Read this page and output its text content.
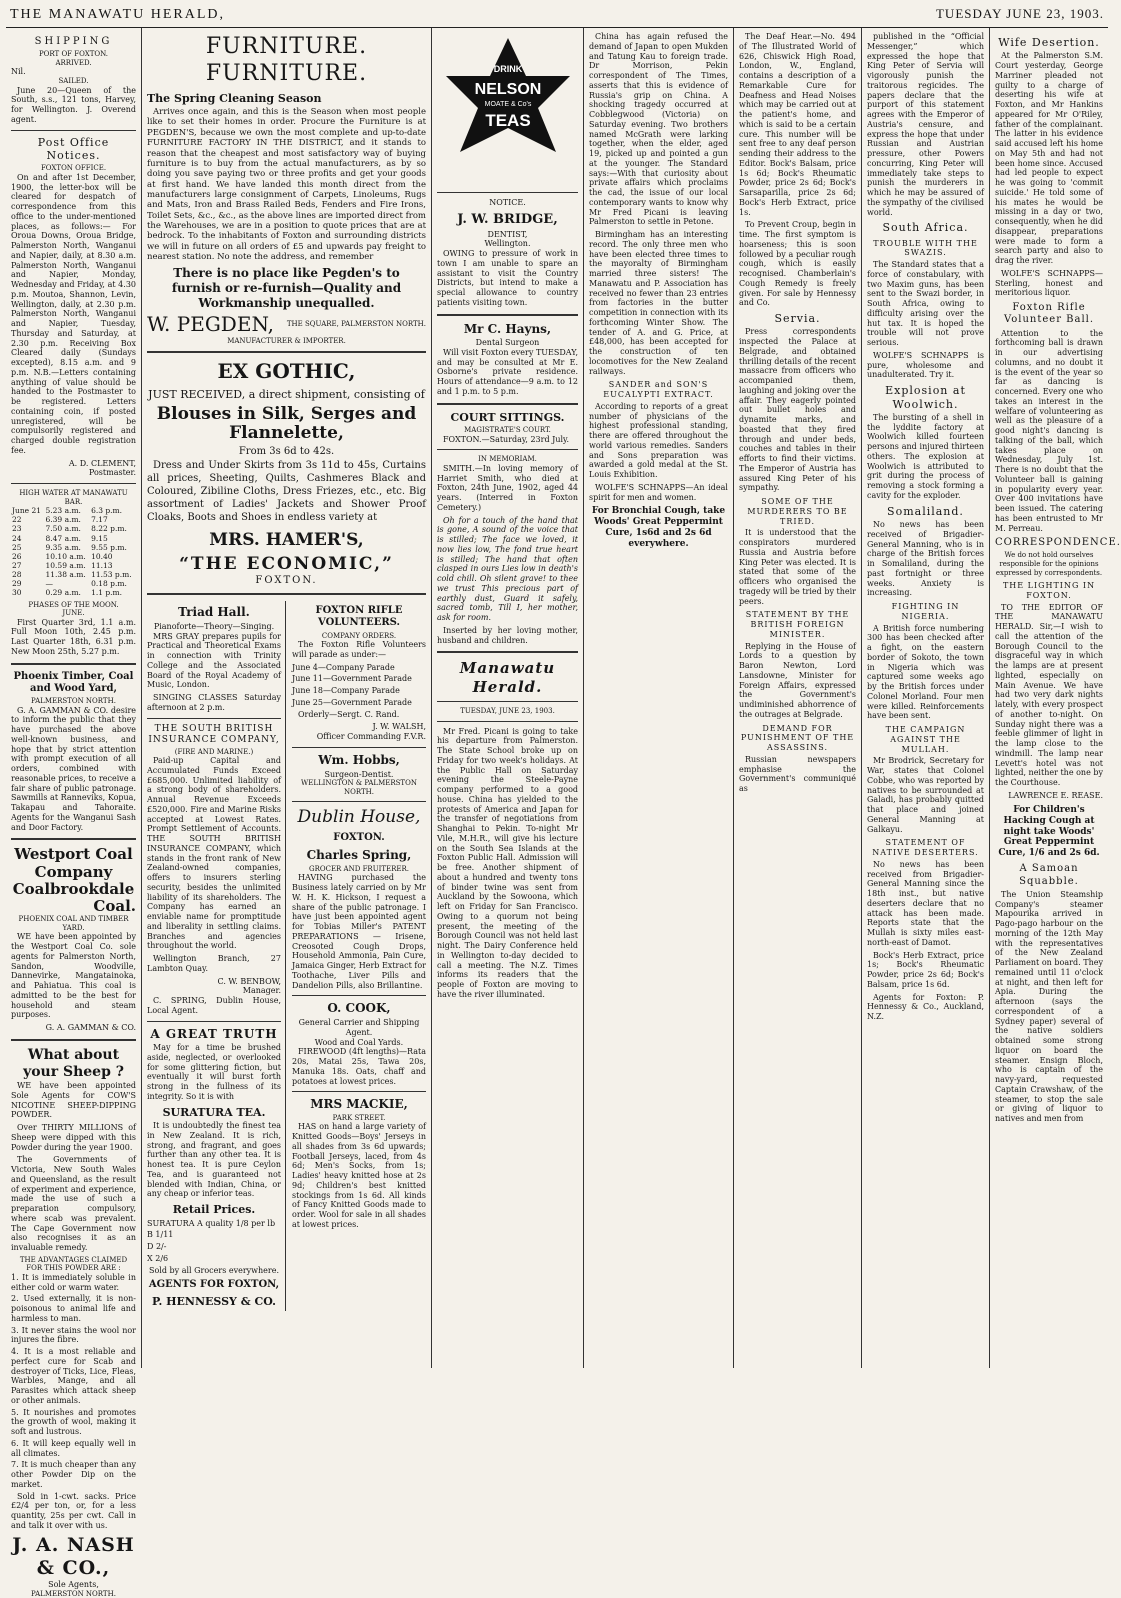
THE MANAWATU HERALD,	TUESDAY JUNE 23, 1903.
SHIPPING
PORT OF FOXTON.
ARRIVED.
Nil.
SAILED.

June 20—Queen of the South, s.s., 121 tons, Harvey, for Wellington. J. Overend agent.

Post Office Notices.
FOXTON OFFICE.

On and after 1st December, 1900, the letter-box will be cleared for despatch of correspondence from this office to the under-mentioned places, as follows:— For Oroua Downs, Oroua Bridge, Palmerston North, Wanganui and Napier, daily, at 8.30 a.m. Palmerston North, Wanganui and Napier, Monday, Wednesday and Friday, at 4.30 p.m. Moutoa, Shannon, Levin, Wellington, daily, at 2.30 p.m. Palmerston North, Wanganui and Napier, Tuesday, Thursday and Saturday, at 2.30 p.m. Receiving Box Cleared daily (Sundays excepted), 8.15 a.m. and 9 p.m. N.B.—Letters containing anything of value should be handed to the Postmaster to be registered. Letters containing coin, if posted unregistered, will be compulsorily registered and charged double registration fee.

A. D. CLEMENT,
Postmaster.
HIGH WATER AT MANAWATU BAR.
June 21	5.23 a.m.	6.3 p.m.
22	6.39 a.m.	7.17
23	7.50 a.m.	8.22 p.m.
24	8.47 a.m.	9.15
25	9.35 a.m.	9.55 p.m.
26	10.10 a.m.	10.40
27	10.59 a.m.	11.13
28	11.38 a.m.	11.53 p.m.
29	—	0.18 p.m.
30	0.29 a.m.	1.1 p.m.
PHASES OF THE MOON.
JUNE.

First Quarter 3rd, 1.1 a.m. Full Moon 10th, 2.45 p.m. Last Quarter 18th, 6.31 p.m. New Moon 25th, 5.27 p.m.

Phoenix Timber, Coal and Wood Yard,
PALMERSTON NORTH.

G. A. GAMMAN & CO. desire to inform the public that they have purchased the above well-known business, and hope that by strict attention with prompt execution of all orders, combined with reasonable prices, to receive a fair share of public patronage. Sawmills at Ranneviks, Kopua, Takapau and Tahoraite. Agents for the Wanganui Sash and Door Factory.

Westport Coal Company
Coalbrookdale
Coal.
PHOENIX COAL AND TIMBER YARD.

WE have been appointed by the Westport Coal Co. sole agents for Palmerston North, Sandon, Woodville, Dannevirke, Mangatainoka, and Pahiatua. This coal is admitted to be the best for household and steam purposes.

G. A. GAMMAN & CO.
What about your Sheep ?

WE have been appointed Sole Agents for COW'S NICOTINE SHEEP-DIPPING POWDER.

Over THIRTY MILLIONS of Sheep were dipped with this Powder during the year 1900.

The Governments of Victoria, New South Wales and Queensland, as the result of experiment and experience, made the use of such a preparation compulsory, where scab was prevalent. The Cape Government now also recognises it as an invaluable remedy.

THE ADVANTAGES CLAIMED FOR THIS POWDER ARE :
1. It is immediately soluble in either cold or warm water.
2. Used externally, it is non-poisonous to animal life and harmless to man.
3. It never stains the wool nor injures the fibre.
4. It is a most reliable and perfect cure for Scab and destroyer of Ticks, Lice, Fleas, Warbles, Mange, and all Parasites which attack sheep or other animals.
5. It nourishes and promotes the growth of wool, making it soft and lustrous.
6. It will keep equally well in all climates.
7. It is much cheaper than any other Powder Dip on the market.

Sold in 1-cwt. sacks. Price £2/4 per ton, or, for a less quantity, 25s per cwt. Call in and talk it over with us.

J. A. NASH & CO.,
Sole Agents,
PALMERSTON NORTH.
FURNITURE. FURNITURE.
The Spring Cleaning Season

Arrives once again, and this is the Season when most people like to set their homes in order. Procure the Furniture is at PEGDEN'S, because we own the most complete and up-to-date FURNITURE FACTORY IN THE DISTRICT, and it stands to reason that the cheapest and most satisfactory way of buying furniture is to buy from the actual manufacturers, as by so doing you save paying two or three profits and get your goods at first hand. We have landed this month direct from the manufacturers large consignment of Carpets, Linoleums, Rugs and Mats, Iron and Brass Railed Beds, Fenders and Fire Irons, Toilet Sets, &c., &c., as the above lines are imported direct from the Warehouses, we are in a position to quote prices that are at bedrock. To the inhabitants of Foxton and surrounding districts we will in future on all orders of £5 and upwards pay freight to nearest station. No note the address, and remember

There is no place like Pegden's to furnish or re-furnish—Quality and Workmanship unequalled.
W. PEGDEN, THE SQUARE, PALMERSTON NORTH.
MANUFACTURER & IMPORTER.
EX GOTHIC,
JUST RECEIVED, a direct shipment, consisting of
Blouses in Silk, Serges and Flannelette,
From 3s 6d to 42s.

Dress and Under Skirts from 3s 11d to 45s, Curtains all prices, Sheeting, Quilts, Cashmeres Black and Coloured, Zibiline Cloths, Dress Friezes, etc., etc. Big assortment of Ladies' Jackets and Shower Proof Cloaks, Boots and Shoes in endless variety at

MRS. HAMER'S,
“THE ECONOMIC,”
FOXTON.
Triad Hall.
Pianoforte—Theory—Singing.

MRS GRAY prepares pupils for Practical and Theoretical Exams in connection with Trinity College and the Associated Board of the Royal Academy of Music, London.

SINGING CLASSES Saturday afternoon at 2 p.m.

THE SOUTH BRITISH INSURANCE COMPANY,
(FIRE AND MARINE.)

Paid-up Capital and Accumulated Funds Exceed £685,000. Unlimited liability of a strong body of shareholders. Annual Revenue Exceeds £520,000. Fire and Marine Risks accepted at Lowest Rates. Prompt Settlement of Accounts. THE SOUTH BRITISH INSURANCE COMPANY, which stands in the front rank of New Zealand-owned companies, offers to insurers sterling security, besides the unlimited liability of its shareholders. The Company has earned an enviable name for promptitude and liberality in settling claims. Branches and agencies throughout the world.

Wellington Branch, 27 Lambton Quay.

C. W. BENBOW,
Manager.

C. SPRING, Dublin House, Local Agent.

A GREAT TRUTH

May for a time be brushed aside, neglected, or overlooked for some glittering fiction, but eventually it will burst forth strong in the fullness of its integrity. So it is with

SURATURA TEA.

It is undoubtedly the finest tea in New Zealand. It is rich, strong, and fragrant, and goes further than any other tea. It is honest tea. It is pure Ceylon Tea, and is guaranteed not blended with Indian, China, or any cheap or inferior teas.

Retail Prices.
SURATURA A quality 1/8 per lb
B 1/11
D 2/-
X 2/6
Sold by all Grocers everywhere.
AGENTS FOR FOXTON,
P. HENNESSY & CO.
FOXTON RIFLE VOLUNTEERS.
COMPANY ORDERS.

The Foxton Rifle Volunteers will parade as under:—

June 4—Company Parade
June 11—Government Parade
June 18—Company Parade
June 25—Government Parade

Orderly—Sergt. C. Rand.

J. W. WALSH,
Officer Commanding F.V.R.
Wm. Hobbs,
Surgeon-Dentist.
WELLINGTON & PALMERSTON NORTH.
Dublin House,
FOXTON.
Charles Spring,
GROCER AND FRUITERER.

HAVING purchased the Business lately carried on by Mr W. H. K. Hickson, I request a share of the public patronage. I have just been appointed agent for Tobias Miller's PATENT PREPARATIONS — Irisene, Creosoted Cough Drops, Household Ammonia, Pain Cure, Jamaica Ginger, Herb Extract for Toothache, Liver Pills and Dandelion Pills, also Brillantine.

O. COOK,
General Carrier and Shipping Agent.
Wood and Coal Yards.

FIREWOOD (4ft lengths)—Rata 20s, Matai 25s, Tawa 20s, Manuka 18s. Oats, chaff and potatoes at lowest prices.

MRS MACKIE,
PARK STREET.

HAS on hand a large variety of Knitted Goods—Boys' Jerseys in all shades from 3s 6d upwards; Football Jerseys, laced, from 4s 6d; Men's Socks, from 1s; Ladies' heavy knitted hose at 2s 9d; Children's best knitted stockings from 1s 6d. All kinds of Fancy Knitted Goods made to order. Wool for sale in all shades at lowest prices.

DRINK
NELSON
MOATE & Co's
TEAS
NOTICE.
J. W. BRIDGE,
DENTIST,
Wellington.

OWING to pressure of work in town I am unable to spare an assistant to visit the Country Districts, but intend to make a special allowance to country patients visiting town.

Mr C. Hayns,
Dental Surgeon

Will visit Foxton every TUESDAY, and may be consulted at Mr E. Osborne's private residence. Hours of attendance—9 a.m. to 12 and 1 p.m. to 5 p.m.

COURT SITTINGS.
MAGISTRATE'S COURT.

FOXTON.—Saturday, 23rd July.

IN MEMORIAM.

SMITH.—In loving memory of Harriet Smith, who died at Foxton, 24th June, 1902, aged 44 years. (Interred in Foxton Cemetery.)

Oh for a touch of the hand that is gone, A sound of the voice that is stilled; The face we loved, it now lies low, The fond true heart is stilled; The hand that often clasped in ours Lies low in death's cold chill. Oh silent grave! to thee we trust This precious part of earthly dust, Guard it safely, sacred tomb, Till I, her mother, ask for room.

Inserted by her loving mother, husband and children.

Manawatu Herald.
TUESDAY, JUNE 23, 1903.

Mr Fred. Picani is going to take his departure from Palmerston. The State School broke up on Friday for two week's holidays. At the Public Hall on Saturday evening the Steele-Payne company performed to a good house. China has yielded to the protests of America and Japan for the transfer of negotiations from Shanghai to Pekin. To-night Mr Vile, M.H.R., will give his lecture on the South Sea Islands at the Foxton Public Hall. Admission will be free. Another shipment of about a hundred and twenty tons of binder twine was sent from Auckland by the Sowoona, which left on Friday for San Francisco. Owing to a quorum not being present, the meeting of the Borough Council was not held last night. The Dairy Conference held in Wellington to-day decided to call a meeting. The N.Z. Times informs its readers that the people of Foxton are moving to have the river illuminated.

China has again refused the demand of Japan to open Mukden and Tatung Kau to foreign trade. Dr Morrison, Pekin correspondent of The Times, asserts that this is evidence of Russia's grip on China. A shocking tragedy occurred at Cobblegwood (Victoria) on Saturday evening. Two brothers named McGrath were larking together, when the elder, aged 19, picked up and pointed a gun at the younger. The Standard says:—With that curiosity about private affairs which proclaims the cad, the issue of our local contemporary wants to know why Mr Fred Picani is leaving Palmerston to settle in Petone.

Birmingham has an interesting record. The only three men who have been elected three times to the mayoralty of Birmingham married three sisters! The Manawatu and P. Association has received no fewer than 23 entries from factories in the butter competition in connection with its forthcoming Winter Show. The tender of A. and G. Price, at £48,000, has been accepted for the construction of ten locomotives for the New Zealand railways.

SANDER and SON'S EUCALYPTI EXTRACT.

According to reports of a great number of physicians of the highest professional standing, there are offered throughout the world various remedies. Sanders and Sons preparation was awarded a gold medal at the St. Louis Exhibition.

WOLFE'S SCHNAPPS—An ideal spirit for men and women.

For Bronchial Cough, take Woods' Great Peppermint Cure, 1s6d and 2s 6d everywhere.

The Deaf Hear.—No. 494 of The Illustrated World of 626, Chiswick High Road, London, W., England, contains a description of a Remarkable Cure for Deafness and Head Noises which may be carried out at the patient's home, and which is said to be a certain cure. This number will be sent free to any deaf person sending their address to the Editor. Bock's Balsam, price 1s 6d; Bock's Rheumatic Powder, price 2s 6d; Bock's Sarsaparilla, price 2s 6d; Bock's Herb Extract, price 1s.

To Prevent Croup, begin in time. The first symptom is hoarseness; this is soon followed by a peculiar rough cough, which is easily recognised. Chamberlain's Cough Remedy is freely given. For sale by Hennessy and Co.

Servia.

Press correspondents inspected the Palace at Belgrade, and obtained thrilling details of the recent massacre from officers who accompanied them, laughing and joking over the affair. They eagerly pointed out bullet holes and dynamite marks, and boasted that they fired through and under beds, couches and tables in their efforts to find their victims. The Emperor of Austria has assured King Peter of his sympathy.

SOME OF THE MURDERERS TO BE TRIED.

It is understood that the conspirators murdered Russia and Austria before King Peter was elected. It is stated that some of the officers who organised the tragedy will be tried by their peers.

STATEMENT BY THE BRITISH FOREIGN MINISTER.

Replying in the House of Lords to a question by Baron Newton, Lord Lansdowne, Minister for Foreign Affairs, expressed the Government's undiminished abhorrence of the outrages at Belgrade.

DEMAND FOR PUNISHMENT OF THE ASSASSINS.

Russian newspapers emphasise the Government's communiqué as

published in the “Official Messenger,” which expressed the hope that King Peter of Servia will vigorously punish the traitorous regicides. The papers declare that the purport of this statement agrees with the Emperor of Austria's censure, and express the hope that under Russian and Austrian pressure, other Powers concurring, King Peter will immediately take steps to punish the murderers in which he may be assured of the sympathy of the civilised world.

South Africa.
TROUBLE WITH THE SWAZIS.

The Standard states that a force of constabulary, with two Maxim guns, has been sent to the Swazi border, in South Africa, owing to difficulty arising over the hut tax. It is hoped the trouble will not prove serious.

WOLFE'S SCHNAPPS is pure, wholesome and unadulterated. Try it.

Explosion at Woolwich.

The bursting of a shell in the lyddite factory at Woolwich killed fourteen persons and injured thirteen others. The explosion at Woolwich is attributed to grit during the process of removing a stock forming a cavity for the exploder.

Somaliland.

No news has been received of Brigadier-General Manning, who is in charge of the British forces in Somaliland, during the past fortnight or three weeks. Anxiety is increasing.

FIGHTING IN NIGERIA.

A British force numbering 300 has been checked after a fight, on the eastern border of Sokoto, the town in Nigeria which was captured some weeks ago by the British forces under Colonel Morland. Four men were killed. Reinforcements have been sent.

THE CAMPAIGN AGAINST THE MULLAH.

Mr Brodrick, Secretary for War, states that Colonel Cobbe, who was reported by natives to be surrounded at Galadi, has probably quitted that place and joined General Manning at Galkayu.

STATEMENT OF NATIVE DESERTERS.

No news has been received from Brigadier-General Manning since the 18th inst., but native deserters declare that no attack has been made. Reports state that the Mullah is sixty miles east-north-east of Damot.

Bock's Herb Extract, price 1s; Bock's Rheumatic Powder, price 2s 6d; Bock's Balsam, price 1s 6d.

Agents for Foxton: P. Hennessy & Co., Auckland, N.Z.

Wife Desertion.

At the Palmerston S.M. Court yesterday, George Marriner pleaded not guilty to a charge of deserting his wife at Foxton, and Mr Hankins appeared for Mr O'Riley, father of the complainant. The latter in his evidence said accused left his home on May 5th and had not been home since. Accused had led people to expect he was going to 'commit suicide.' He told some of his mates he would be missing in a day or two, consequently, when he did disappear, preparations were made to form a search party and also to drag the river.

WOLFE'S SCHNAPPS—Sterling, honest and meritorious liquor.

Foxton Rifle Volunteer Ball.

Attention to the forthcoming ball is drawn in our advertising columns, and no doubt it is the event of the year so far as dancing is concerned. Every one who takes an interest in the welfare of volunteering as well as the pleasure of a good night's dancing is talking of the ball, which takes place on Wednesday, July 1st. There is no doubt that the Volunteer ball is gaining in popularity every year. Over 400 invitations have been issued. The catering has been entrusted to Mr M. Perreau.

CORRESPONDENCE.
We do not hold ourselves responsible for the opinions expressed by correspondents.
THE LIGHTING IN FOXTON.

TO THE EDITOR OF THE MANAWATU HERALD. Sir,—I wish to call the attention of the Borough Council to the disgraceful way in which the lamps are at present lighted, especially on Main Avenue. We have had two very dark nights lately, with every prospect of another to-night. On Sunday night there was a feeble glimmer of light in the lamp close to the windmill. The lamp near Levett's hotel was not lighted, neither the one by the Courthouse.

LAWRENCE E. REASE.
For Children's Hacking Cough at night take Woods' Great Peppermint Cure, 1/6 and 2s 6d.
A Samoan Squabble.

The Union Steamship Company's steamer Mapourika arrived in Pago-pago harbour on the morning of the 12th May with the representatives of the New Zealand Parliament on board. They remained until 11 o'clock at night, and then left for Apia. During the afternoon (says the correspondent of a Sydney paper) several of the native soldiers obtained some strong liquor on board the steamer. Ensign Bloch, who is captain of the navy-yard, requested Captain Crawshaw, of the steamer, to stop the sale or giving of liquor to natives and men from
